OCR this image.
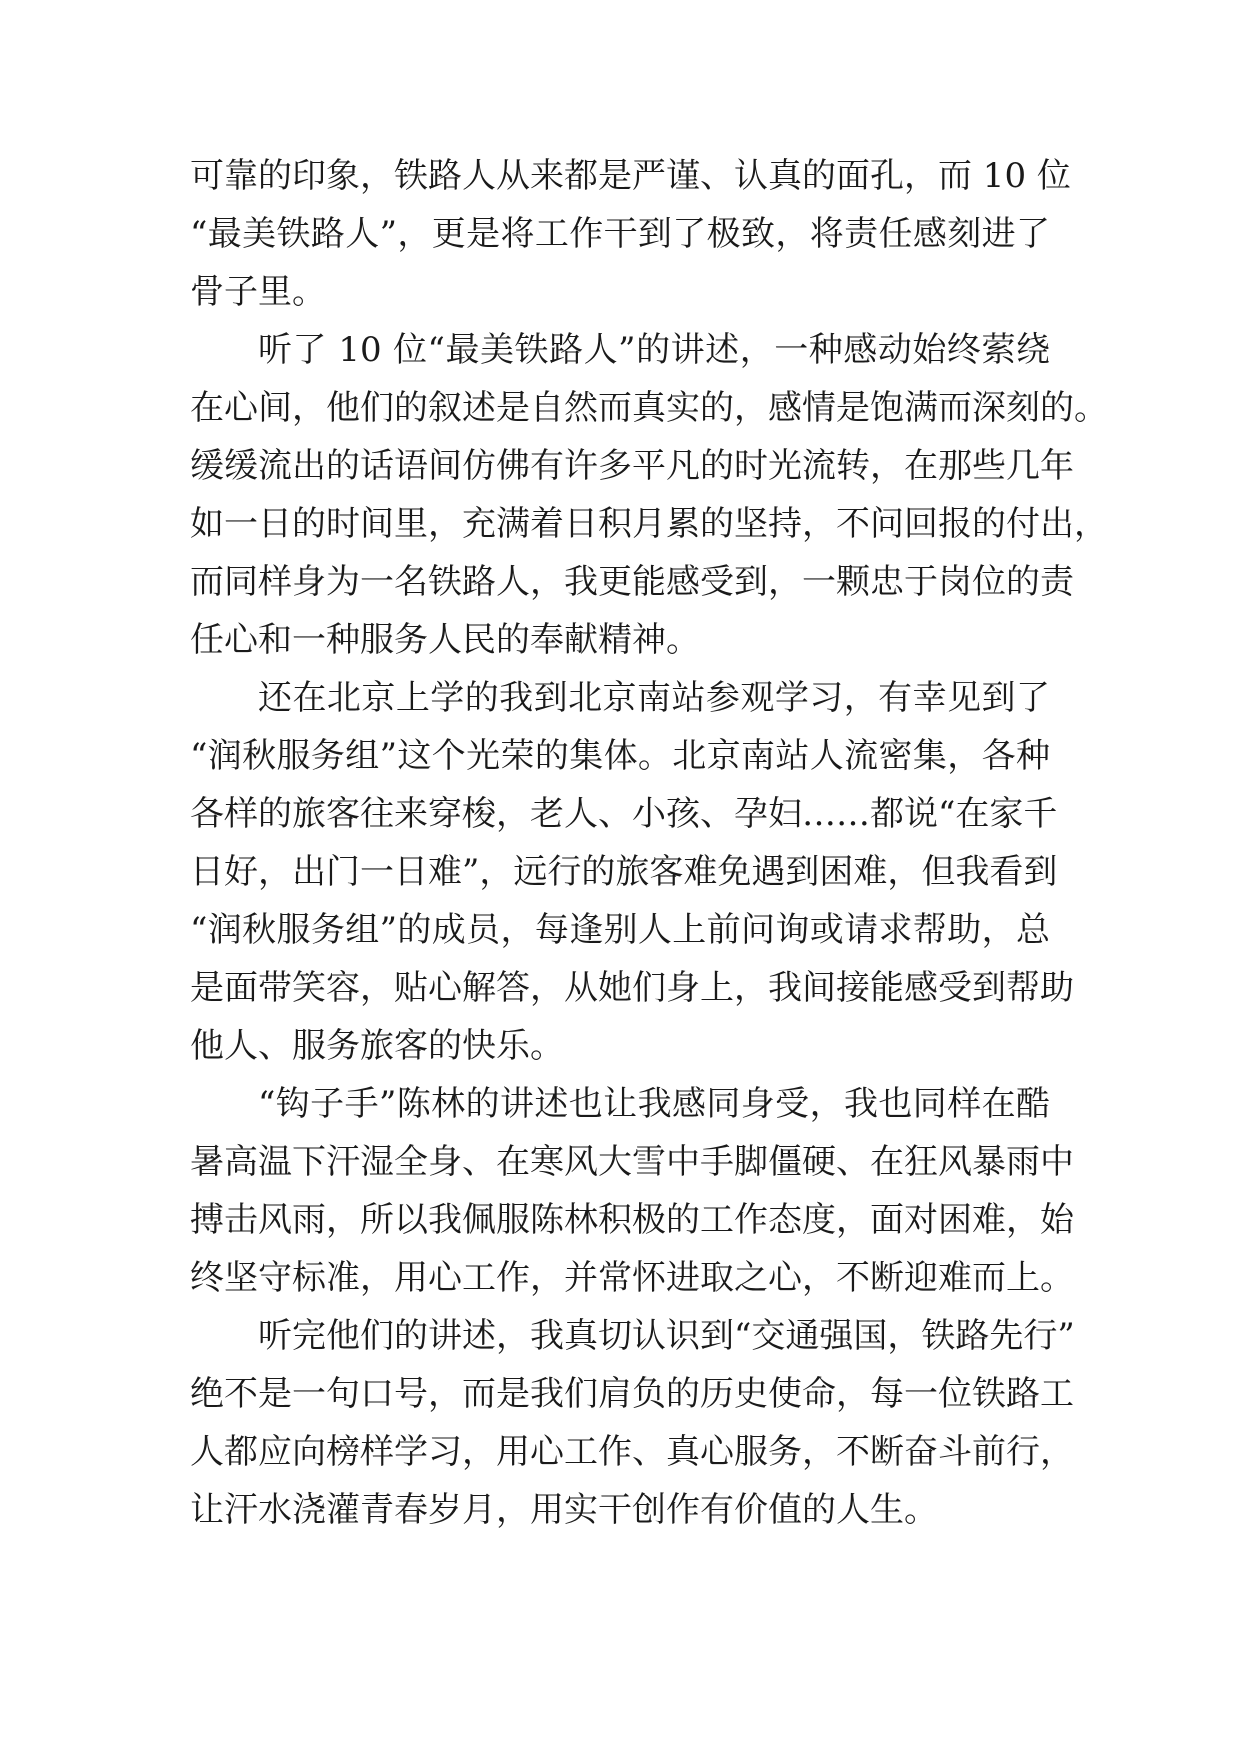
可靠的印象，铁路人从来都是严谨、认真的面孔，而 10 位
“最美铁路人”，更是将工作干到了极致，将责任感刻进了
骨子里。
听了 10 位“最美铁路人”的讲述，一种感动始终萦绕
在心间，他们的叙述是自然而真实的，感情是饱满而深刻的。
缓缓流出的话语间仿佛有许多平凡的时光流转，在那些几年
如一日的时间里，充满着日积月累的坚持，不问回报的付出，
而同样身为一名铁路人，我更能感受到，一颗忠于岗位的责
任心和一种服务人民的奉献精神。
还在北京上学的我到北京南站参观学习，有幸见到了
“润秋服务组”这个光荣的集体。北京南站人流密集，各种
各样的旅客往来穿梭，老人、小孩、孕妇……都说“在家千
日好，出门一日难”，远行的旅客难免遇到困难，但我看到
“润秋服务组”的成员，每逢别人上前问询或请求帮助，总
是面带笑容，贴心解答，从她们身上，我间接能感受到帮助
他人、服务旅客的快乐。
“钩子手”陈林的讲述也让我感同身受，我也同样在酷
暑高温下汗湿全身、在寒风大雪中手脚僵硬、在狂风暴雨中
搏击风雨，所以我佩服陈林积极的工作态度，面对困难，始
终坚守标准，用心工作，并常怀进取之心，不断迎难而上。
听完他们的讲述，我真切认识到“交通强国，铁路先行”
绝不是一句口号，而是我们肩负的历史使命，每一位铁路工
人都应向榜样学习，用心工作、真心服务，不断奋斗前行，
让汗水浇灌青春岁月，用实干创作有价值的人生。
